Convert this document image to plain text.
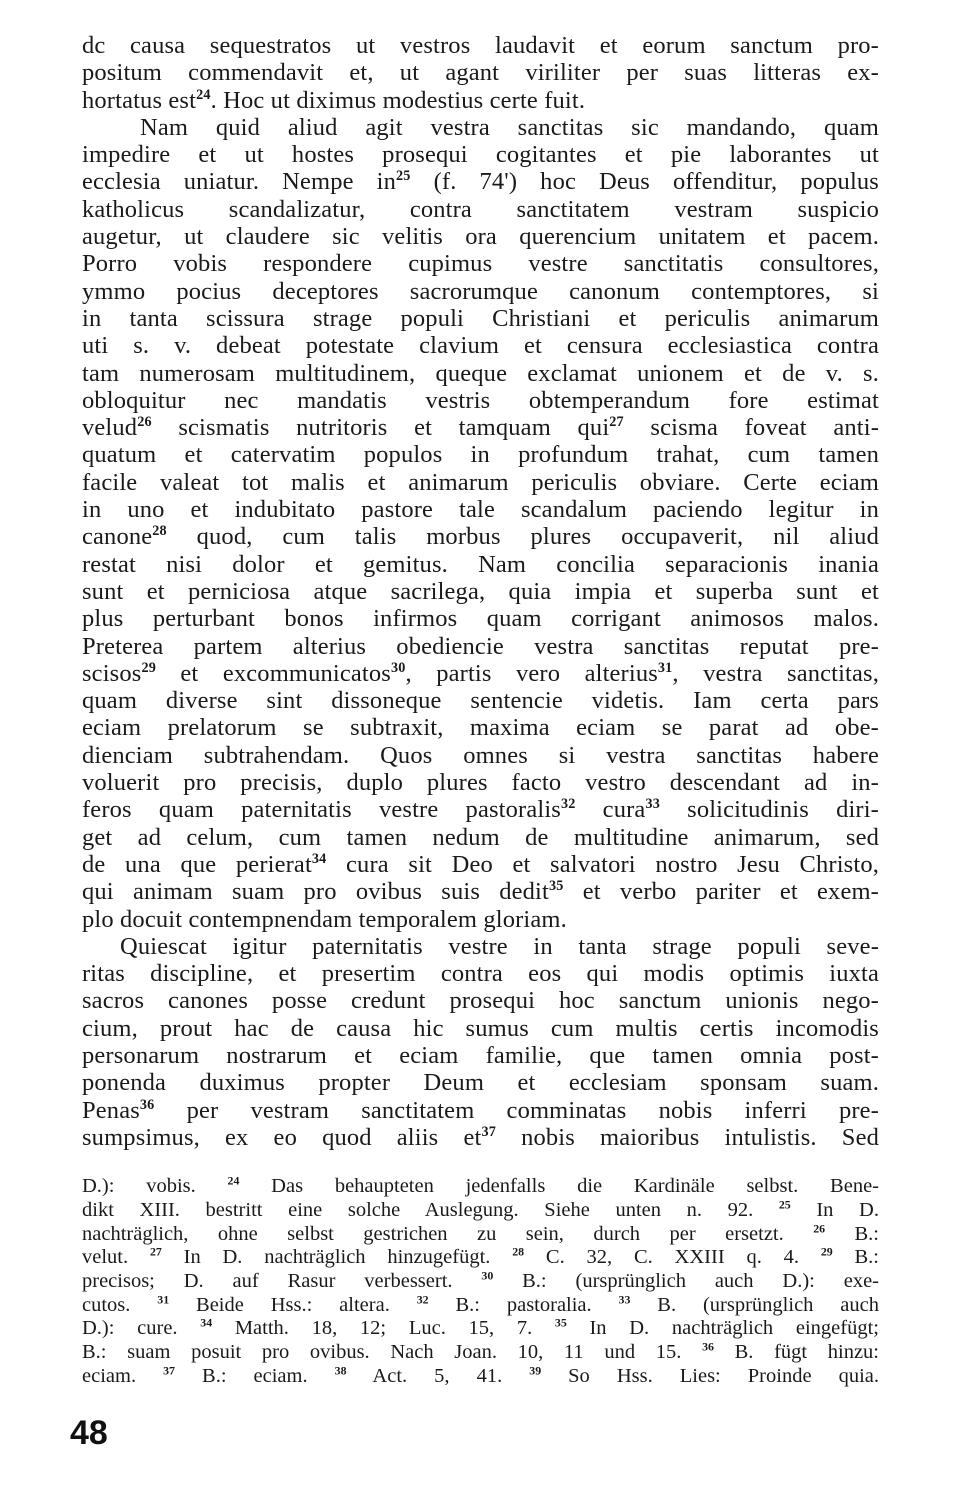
dc causa sequestratos ut vestros laudavit et eorum sanctum pro-
positum commendavit et, ut agant viriliter per suas litteras ex-
hortatus est$^{24}$. Hoc ut diximus modestius certe fuit.
Nam quid aliud agit vestra sanctitas sic mandando, quam
impedire et ut hostes prosequi cogitantes et pie laborantes ut
ecclesia uniatur. Nempe $in^{25}$ (f. 74') hoc Deus offenditur, populus
katholicus scandalizatur, contra sanctitatem vestram suspicio
augetur, ut claudere sic velitis ora querencium unitatem et pacem.
Porro vobis respondere cupimus vestre sanctitatis consultores,
ymmo pocius deceptores sacrorumque canonum contemptores, si
in tanta scissura strage populi Christiani et periculis animarum
uti s. v. debeat potestate clavium et censura ecclesiastica contra
tam numerosam multitudinem, queque exclamat unionem et de v. s.
obloquitur nec mandatis vestris obtemperandum fore estimat
velud$^{26}$ scismatis nutritoris et tamquam qui$^{27}$ scisma foveat anti-
quatum et catervatim populos in profundum trahat, cum tamen
facile valeat tot malis et animarum periculis obviare. Certe eciam
in uno et indubitato pastore tale scandalum paciendo legitur in
canone$^{28}$ quod, cum talis morbus plures occupaverit, nil aliud
restat nisi dolor et gemitus. Nam concilia separacionis inania
sunt et perniciosa atque sacrilega, quia impia et superba sunt et
plus perturbant bonos infirmos quam corrigant animosos malos.
Preterea partem alterius obediencie vestra sanctitas reputat pre-
scisos$^{29}$ et excommunicatos$^{30}$, partis vero alterius$^{31}$, vestra sanctitas,
quam diverse sint dissoneque sentencie videtis. Iam certa pars
eciam prelatorum se subtraxit, maxima eciam se parat ad obe-
dienciam subtrahendam. Quos omnes si vestra sanctitas habere
voluerit pro precisis, duplo plures facto vestro descendant ad in-
feros quam paternitatis vestre pastoralis$^{32}$ cura$^{33}$ solicitudinis diri-
get ad celum, cum tamen nedum de multitudine animarum, sed
de una que perierat$^{34}$ cura sit Deo et salvatori nostro Jesu Christo,
qui animam suam pro ovibus suis dedit$^{35}$ et verbo pariter et exem-
plo docuit contempnendam temporalem gloriam.
Quiescat igitur paternitatis vestre in tanta strage populi seve-
ritas discipline, et presertim contra eos qui modis optimis iuxta
sacros canones posse credunt prosequi hoc sanctum unionis nego-
cium, prout hac de causa hic sumus cum multis certis incomodis
personarum nostrarum et eciam familie, que tamen omnia post-
ponenda duximus propter Deum et ecclesiam sponsam suam.
Penas$^{36}$ per vestram sanctitatem comminatas nobis inferri pre-
sumpsimus, ex eo quod aliis $et^{37}$ nobis maioribus intulistis. Sed
D.): vobis. $^{24}$ Das behaupteten jedenfalls die Kardinäle selbst. Bene-
dikt XIII. bestritt eine solche Auslegung. Siehe unten n. 92. $^{25}$ In D.
nachträglich, ohne selbst gestrichen zu sein, durch per ersetzt. $^{26}$ B.:
velut. $^{27}$ In D. nachträglich hinzugefügt. $^{28}$ C. 32, C. XXIII q. 4. $^{29}$ B.:
precisos; D. auf Rasur verbessert. $^{30}$ B.: (ursprünglich auch D.): exe-
cutos. $^{31}$ Beide Hss.: altera. $^{32}$ B.: pastoralia. $^{33}$ B. (ursprünglich auch
D.): cure. $^{34}$ Matth. 18, 12; Luc. 15, 7. $^{35}$ In D. nachträglich eingefügt;
B.: suam posuit pro ovibus. Nach Joan. 10, 11 und 15. $^{36}$ B. fügt hinzu:
eciam. $^{37}$ B.: eciam. $^{38}$ Act. 5, 41. $^{39}$ So Hss. Lies: Proinde quia.
48
